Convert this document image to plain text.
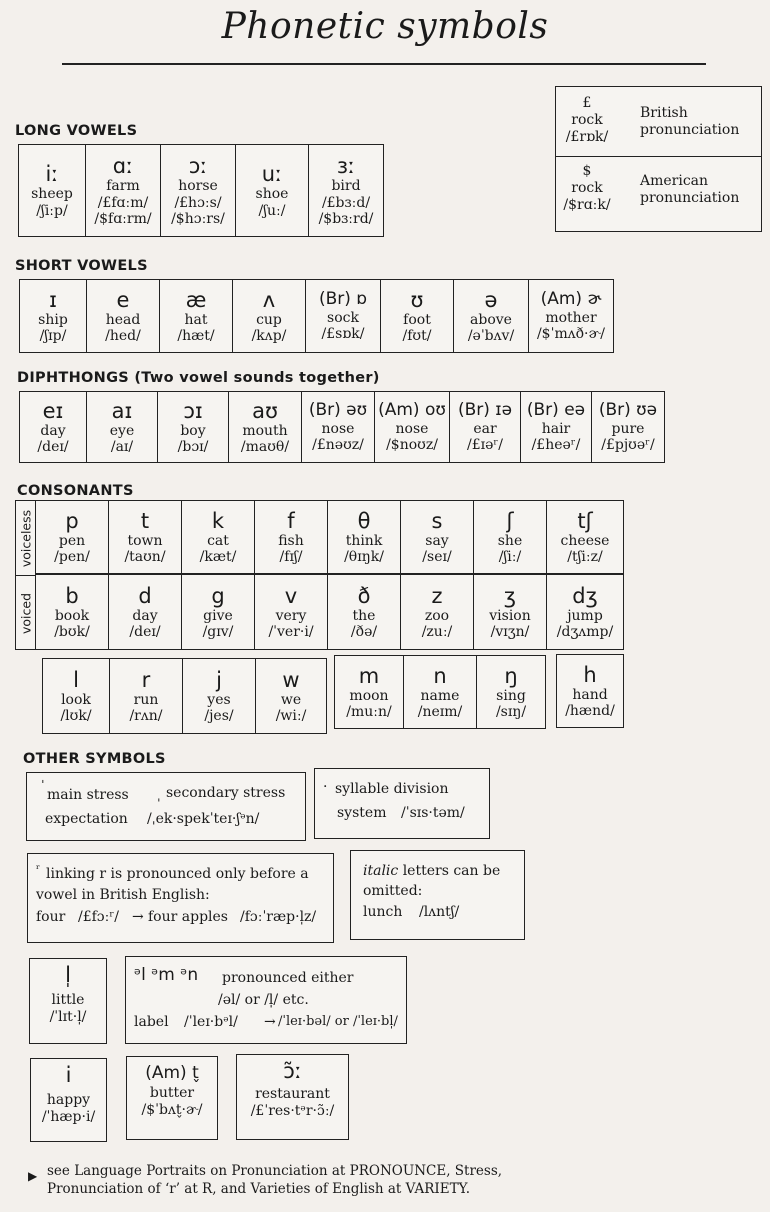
Phonetic symbols
£
rock
/£rɒk/
British pronunciation
$
rock
/$rɑːk/
American pronunciation
LONG VOWELS
iː
sheep
/ʃiːp/
ɑː
farm
/£fɑːm/
/$fɑːrm/
ɔː
horse
/£hɔːs/
/$hɔːrs/
uː
shoe
/ʃuː/
ɜː
bird
/£bɜːd/
/$bɜːrd/
SHORT VOWELS
ɪ
ship
/ʃɪp/
e
head
/hed/
æ
hat
/hæt/
ʌ
cup
/kʌp/
(Br) ɒ
sock
/£sɒk/
ʊ
foot
/fʊt/
ə
above
/əˈbʌv/
(Am) ɚ
mother
/$ˈmʌð·ɚ/
DIPHTHONGS (Two vowel sounds together)
eɪ
day
/deɪ/
aɪ
eye
/aɪ/
ɔɪ
boy
/bɔɪ/
aʊ
mouth
/maʊθ/
(Br) əʊ
nose
/£nəʊz/
(Am) oʊ
nose
/$noʊz/
(Br) ɪə
ear
/£ɪəʳ/
(Br) eə
hair
/£heəʳ/
(Br) ʊə
pure
/£pjʊəʳ/
CONSONANTS
voiceless
voiced
p
pen
/pen/
t
town
/taʊn/
k
cat
/kæt/
f
fish
/fɪʃ/
θ
think
/θɪŋk/
s
say
/seɪ/
ʃ
she
/ʃiː/
tʃ
cheese
/tʃiːz/
b
book
/bʊk/
d
day
/deɪ/
g
give
/gɪv/
v
very
/ˈver·i/
ð
the
/ðə/
z
zoo
/zuː/
ʒ
vision
/vɪʒn/
dʒ
jump
/dʒʌmp/
l
look
/lʊk/
r
run
/rʌn/
j
yes
/jes/
w
we
/wiː/
m
moon
/muːn/
n
name
/neɪm/
ŋ
sing
/sɪŋ/
h
hand
/hænd/
OTHER SYMBOLS
ˈ
main stress ˌ secondary stress
expectation /ˌek·spekˈteɪ·ʃᵊn/
· syllable division
system /ˈsɪs·təm/
ʳ linking r is pronounced only before a
vowel in British English:
four /£fɔːʳ/ → four apples /fɔːˈræp·l̩z/
italic letters can be
omitted:
lunch /lʌntʃ/
l̩
little
/ˈlɪt·l̩/
ᵊl ᵊm ᵊn pronounced either
/əl/ or /l̩/ etc.
label /ˈleɪ·bᵊl/ → /ˈleɪ·bəl/ or /ˈleɪ·bl̩/
i
happy
/ˈhæp·i/
(Am) t̬
butter
/$ˈbʌt̬·ɚ/
ɔ̃ː
restaurant
/£ˈres·tᵊr·ɔ̃ː/
▶ see Language Portraits on Pronunciation at PRONOUNCE, Stress,
Pronunciation of ‘r’ at R, and Varieties of English at VARIETY.
